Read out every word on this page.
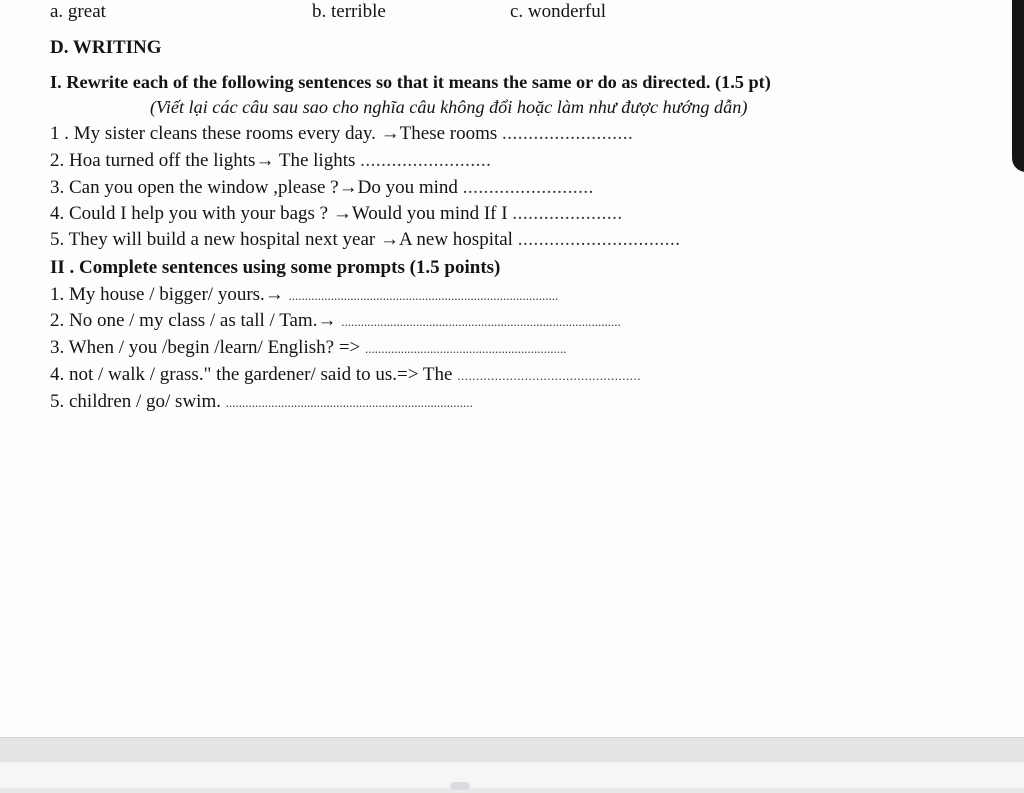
a. great	b. terrible	c. wonderful
D. WRITING
I. Rewrite each of the following sentences so that it means the same or do as directed. (1.5 pt)
(Viết lại các câu sau sao cho nghĩa câu không đổi hoặc làm như được hướng dẫn)
1 . My sister cleans these rooms every day. →These rooms .........................
2. Hoa turned off the lights→ The lights .........................
3. Can you open the window ,please ?→Do you mind .........................
4. Could I help you with your bags ? →Would you mind If I .....................
5. They will build a new hospital next year →A new hospital ...............................
II . Complete sentences using some prompts (1.5 points)
1. My house / bigger/ yours.→ ...................................................................................
2. No one / my class / as tall / Tam.→ ......................................................................................
3. When / you /begin /learn/ English? => ..............................................................
4. not / walk / grass." the gardener/ said to us.=> The .................................................
5. children / go/ swim. ............................................................................
